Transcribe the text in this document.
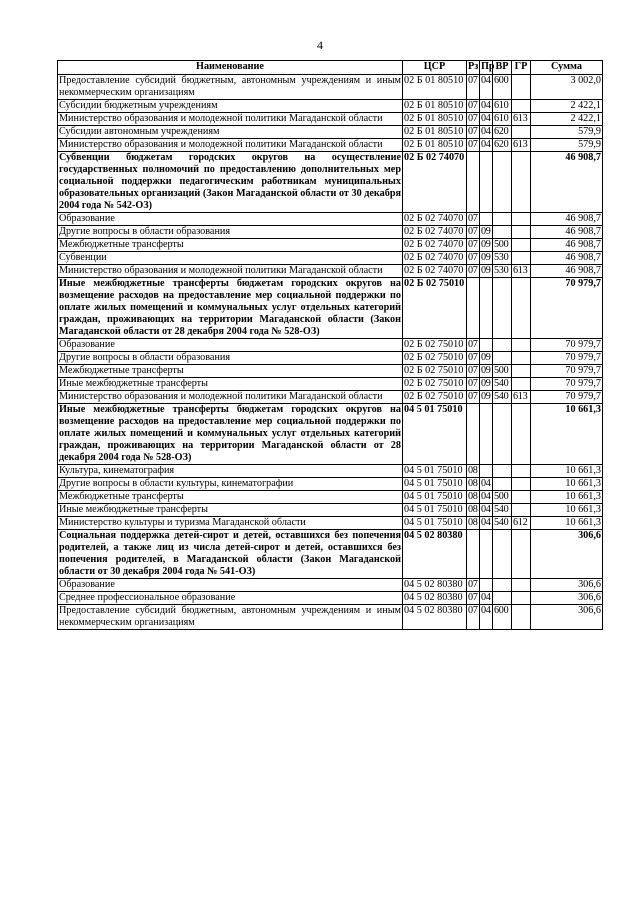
4
Наименование	ЦСР	Рз	Пр	ВР	ГР	Сумма
Предоставление субсидий бюджетным, автономным учреждениям и иным некоммерческим организациям	02 Б 01 80510	07	04	600		3 002,0
Субсидии бюджетным учреждениям	02 Б 01 80510	07	04	610		2 422,1
Министерство образования и молодежной политики Магаданской области	02 Б 01 80510	07	04	610	613	2 422,1
Субсидии автономным учреждениям	02 Б 01 80510	07	04	620		579,9
Министерство образования и молодежной политики Магаданской области	02 Б 01 80510	07	04	620	613	579,9
Субвенции бюджетам городских округов на осуществление государственных полномочий по предоставлению дополнительных мер социальной поддержки педагогическим работникам муниципальных образовательных организаций (Закон Магаданской области от 30 декабря 2004 года № 542-ОЗ)	02 Б 02 74070					46 908,7
Образование	02 Б 02 74070	07				46 908,7
Другие вопросы в области образования	02 Б 02 74070	07	09			46 908,7
Межбюджетные трансферты	02 Б 02 74070	07	09	500		46 908,7
Субвенции	02 Б 02 74070	07	09	530		46 908,7
Министерство образования и молодежной политики Магаданской области	02 Б 02 74070	07	09	530	613	46 908,7
Иные межбюджетные трансферты бюджетам городских округов на возмещение расходов на предоставление мер социальной поддержки по оплате жилых помещений и коммунальных услуг отдельных категорий граждан, проживающих на территории Магаданской области (Закон Магаданской области от 28 декабря 2004 года № 528-ОЗ)	02 Б 02 75010					70 979,7
Образование	02 Б 02 75010	07				70 979,7
Другие вопросы в области образования	02 Б 02 75010	07	09			70 979,7
Межбюджетные трансферты	02 Б 02 75010	07	09	500		70 979,7
Иные межбюджетные трансферты	02 Б 02 75010	07	09	540		70 979,7
Министерство образования и молодежной политики Магаданской области	02 Б 02 75010	07	09	540	613	70 979,7
Иные межбюджетные трансферты бюджетам городских округов на возмещение расходов на предоставление мер социальной поддержки по оплате жилых помещений и коммунальных услуг отдельных категорий граждан, проживающих на территории Магаданской области от 28 декабря 2004 года № 528-ОЗ)	04 5 01 75010					10 661,3
Культура, кинематография	04 5 01 75010	08				10 661,3
Другие вопросы в области культуры, кинематографии	04 5 01 75010	08	04			10 661,3
Межбюджетные трансферты	04 5 01 75010	08	04	500		10 661,3
Иные межбюджетные трансферты	04 5 01 75010	08	04	540		10 661,3
Министерство культуры и туризма Магаданской области	04 5 01 75010	08	04	540	612	10 661,3
Социальная поддержка детей-сирот и детей, оставшихся без попечения родителей, а также лиц из числа детей-сирот и детей, оставшихся без попечения родителей, в Магаданской области (Закон Магаданской области от 30 декабря 2004 года № 541-ОЗ)	04 5 02 80380					306,6
Образование	04 5 02 80380	07				306,6
Среднее профессиональное образование	04 5 02 80380	07	04			306,6
Предоставление субсидий бюджетным, автономным учреждениям и иным некоммерческим организациям	04 5 02 80380	07	04	600		306,6
